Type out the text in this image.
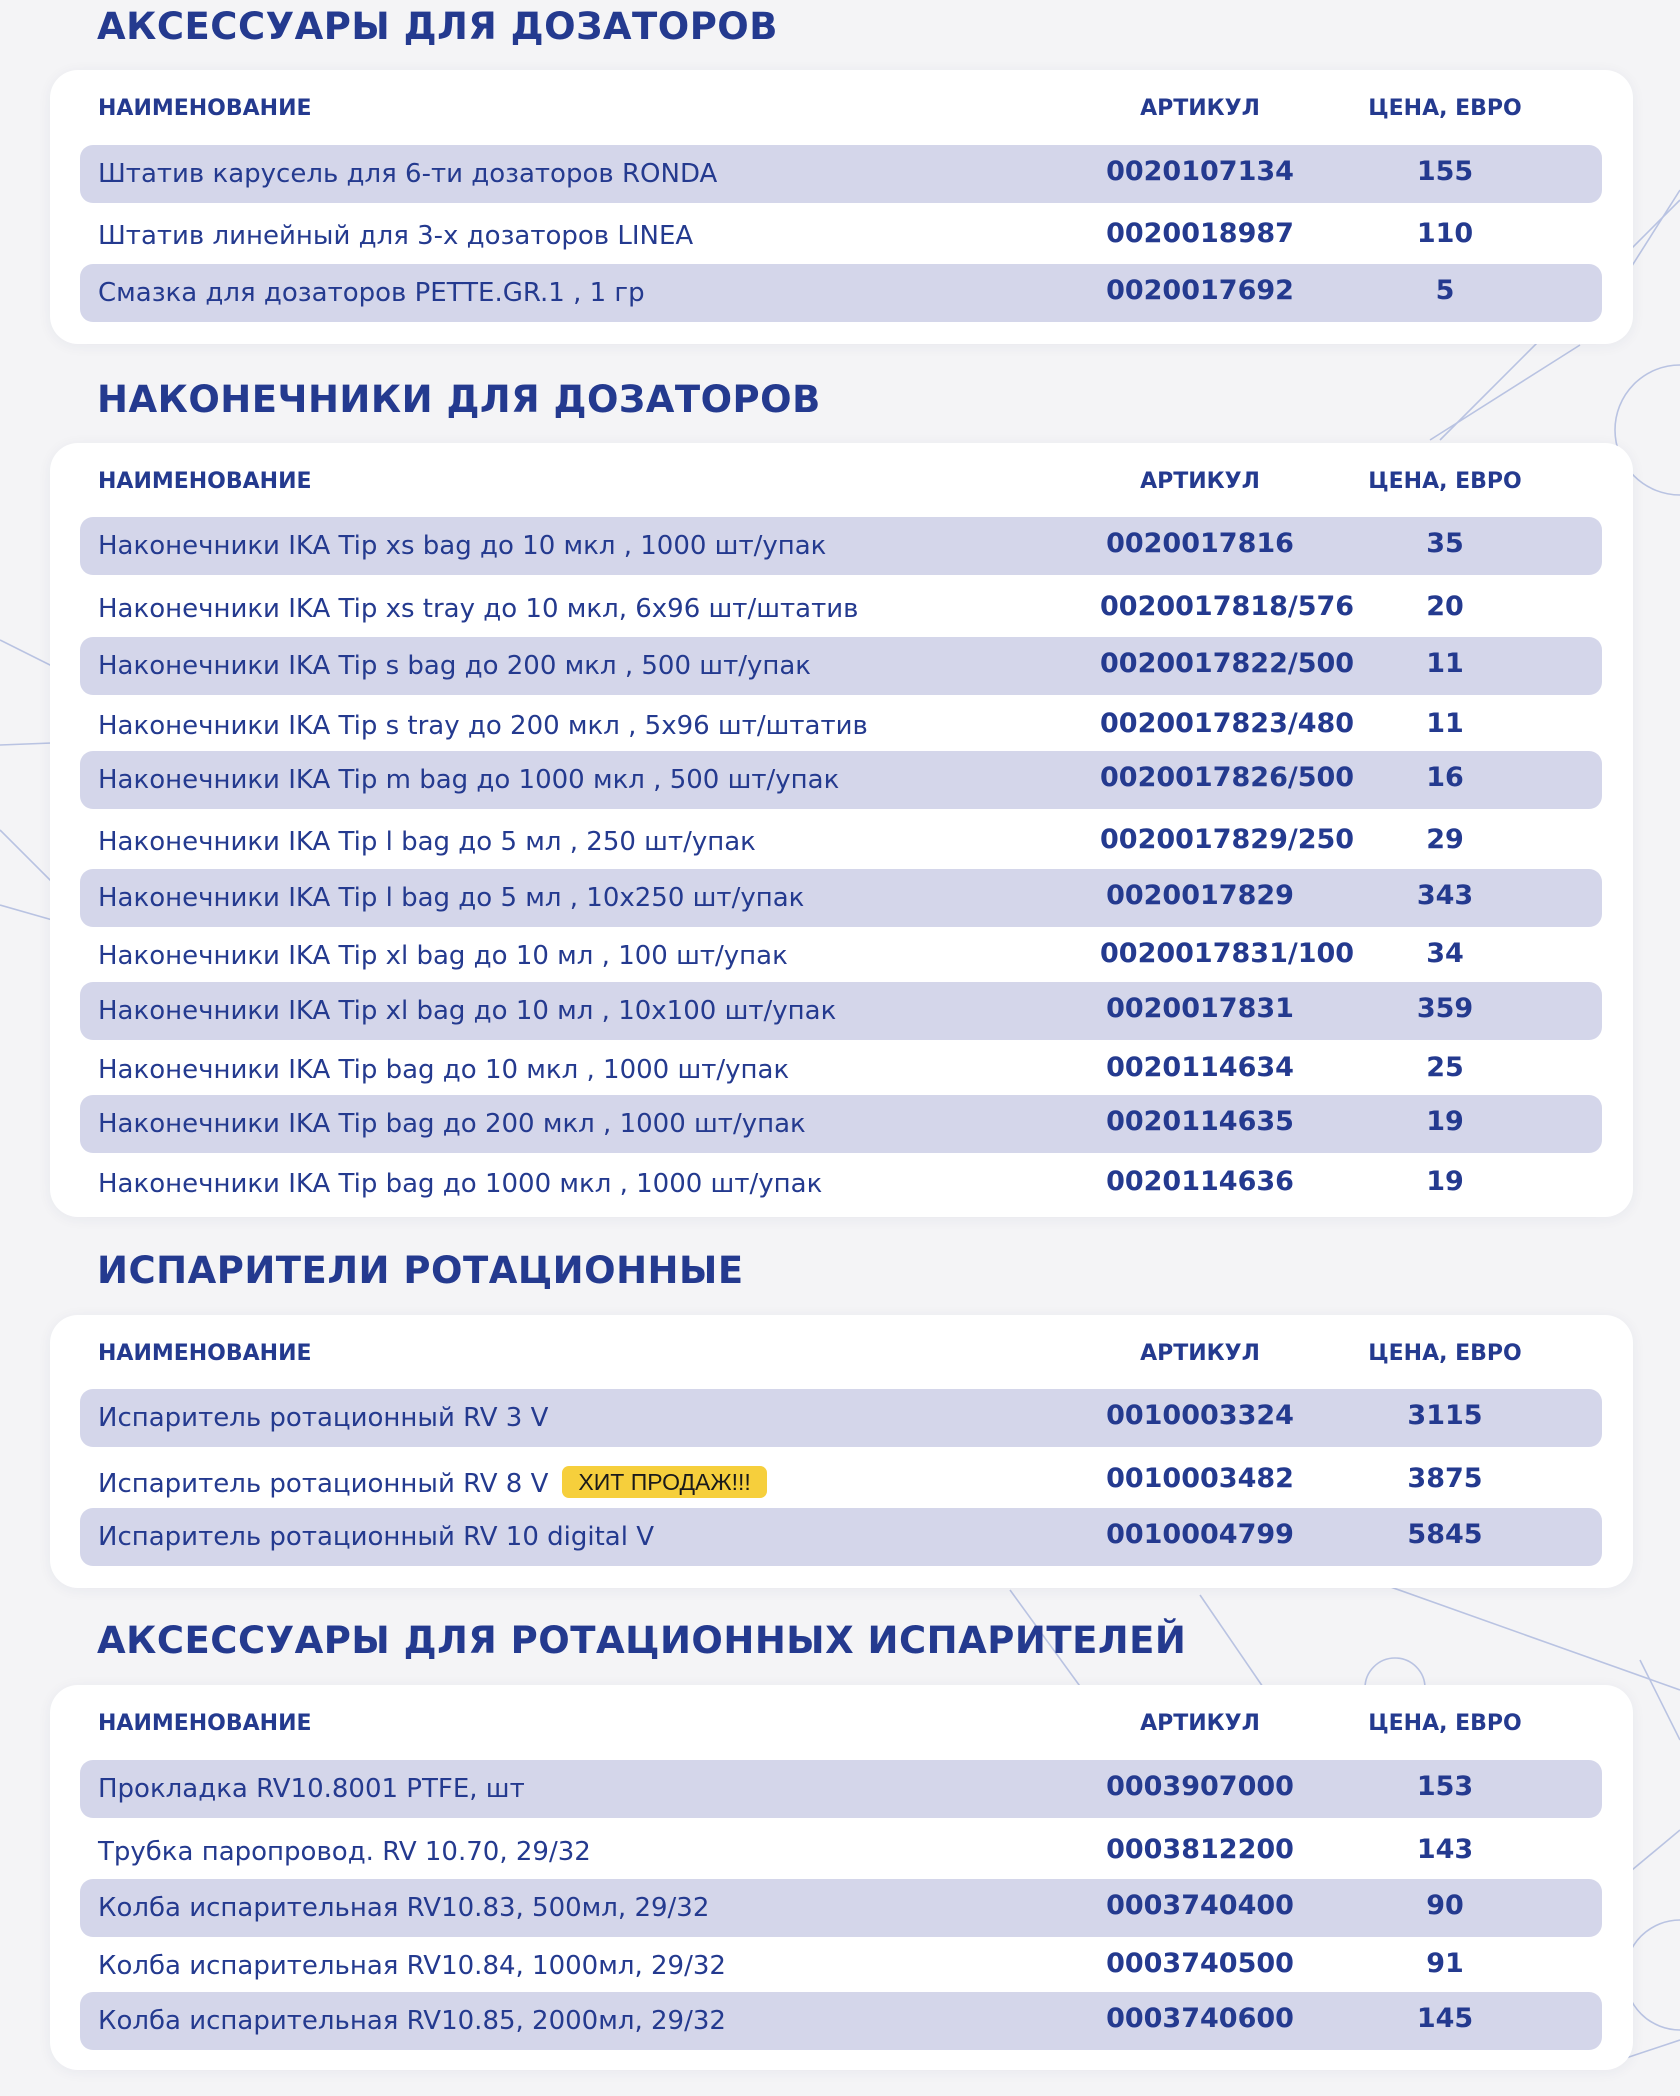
АКСЕССУАРЫ ДЛЯ ДОЗАТОРОВ
НАИМЕНОВАНИЕ	АРТИКУЛ	ЦЕНА, ЕВРО
Штатив карусель для 6-ти дозаторов RONDA	0020107134	155
Штатив линейный для 3-х дозаторов LINEA	0020018987	110
Смазка для дозаторов PETTE.GR.1 , 1 гр	0020017692	5
НАКОНЕЧНИКИ ДЛЯ ДОЗАТОРОВ
НАИМЕНОВАНИЕ	АРТИКУЛ	ЦЕНА, ЕВРО
Наконечники IKA Tip xs bag до 10 мкл , 1000 шт/упак	0020017816	35
Наконечники IKA Tip xs tray до 10 мкл, 6х96 шт/штатив	0020017818/576	20
Наконечники IKA Tip s bag до 200 мкл , 500 шт/упак	0020017822/500	11
Наконечники IKA Tip s tray до 200 мкл , 5х96 шт/штатив	0020017823/480	11
Наконечники IKA Tip m bag до 1000 мкл , 500 шт/упак	0020017826/500	16
Наконечники IKA Tip l bag до 5 мл , 250 шт/упак	0020017829/250	29
Наконечники IKA Tip l bag до 5 мл , 10х250 шт/упак	0020017829	343
Наконечники IKA Tip xl bag до 10 мл , 100 шт/упак	0020017831/100	34
Наконечники IKA Tip xl bag до 10 мл , 10х100 шт/упак	0020017831	359
Наконечники IKA Tip bag до 10 мкл , 1000 шт/упак	0020114634	25
Наконечники IKA Tip bag до 200 мкл , 1000 шт/упак	0020114635	19
Наконечники IKA Tip bag до 1000 мкл , 1000 шт/упак	0020114636	19
ИСПАРИТЕЛИ РОТАЦИОННЫЕ
НАИМЕНОВАНИЕ	АРТИКУЛ	ЦЕНА, ЕВРО
Испаритель ротационный RV 3 V	0010003324	3115
Испаритель ротационный RV 8 V ХИТ ПРОДАЖ!!!	0010003482	3875
Испаритель ротационный RV 10 digital V	0010004799	5845
АКСЕССУАРЫ ДЛЯ РОТАЦИОННЫХ ИСПАРИТЕЛЕЙ
НАИМЕНОВАНИЕ	АРТИКУЛ	ЦЕНА, ЕВРО
Прокладка RV10.8001 PTFE, шт	0003907000	153
Трубка паропровод. RV 10.70, 29/32	0003812200	143
Колба испарительная RV10.83, 500мл, 29/32	0003740400	90
Колба испарительная RV10.84, 1000мл, 29/32	0003740500	91
Колба испарительная RV10.85, 2000мл, 29/32	0003740600	145
